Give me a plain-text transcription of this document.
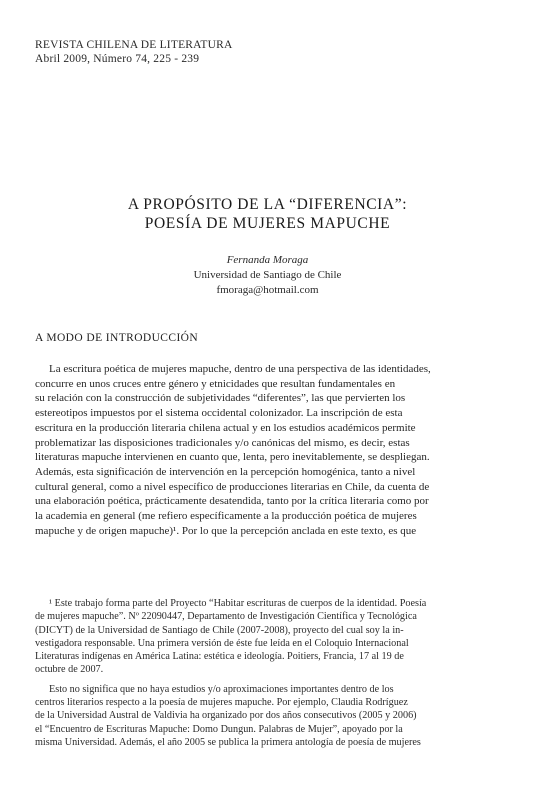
REVISTA CHILENA DE LITERATURA
Abril 2009, Número 74, 225 - 239
A PROPÓSITO DE LA “DIFERENCIA”:
POESÍA DE MUJERES MAPUCHE
Fernanda Moraga
Universidad de Santiago de Chile
fmoraga@hotmail.com
A MODO DE INTRODUCCIÓN
La escritura poética de mujeres mapuche, dentro de una perspectiva de las identidades,
concurre en unos cruces entre género y etnicidades que resultan fundamentales en
su relación con la construcción de subjetividades “diferentes”, las que pervierten los
estereotipos impuestos por el sistema occidental colonizador. La inscripción de esta
escritura en la producción literaria chilena actual y en los estudios académicos permite
problematizar las disposiciones tradicionales y/o canónicas del mismo, es decir, estas
literaturas mapuche intervienen en cuanto que, lenta, pero inevitablemente, se despliegan.
Además, esta significación de intervención en la percepción homogénica, tanto a nivel
cultural general, como a nivel específico de producciones literarias en Chile, da cuenta de
una elaboración poética, prácticamente desatendida, tanto por la crítica literaria como por
la academia en general (me refiero específicamente a la producción poética de mujeres
mapuche y de origen mapuche)¹. Por lo que la percepción anclada en este texto, es que
¹ Este trabajo forma parte del Proyecto “Habitar escrituras de cuerpos de la identidad. Poesía
de mujeres mapuche”. Nº 22090447, Departamento de Investigación Científica y Tecnológica
(DICYT) de la Universidad de Santiago de Chile (2007-2008), proyecto del cual soy la in-
vestigadora responsable. Una primera versión de éste fue leída en el Coloquio Internacional
Literaturas indígenas en América Latina: estética e ideología. Poitiers, Francia, 17 al 19 de
octubre de 2007.
Esto no significa que no haya estudios y/o aproximaciones importantes dentro de los
centros literarios respecto a la poesía de mujeres mapuche. Por ejemplo, Claudia Rodríguez
de la Universidad Austral de Valdivia ha organizado por dos años consecutivos (2005 y 2006)
el “Encuentro de Escrituras Mapuche: Domo Dungun. Palabras de Mujer”, apoyado por la
misma Universidad. Además, el año 2005 se publica la primera antología de poesía de mujeres
